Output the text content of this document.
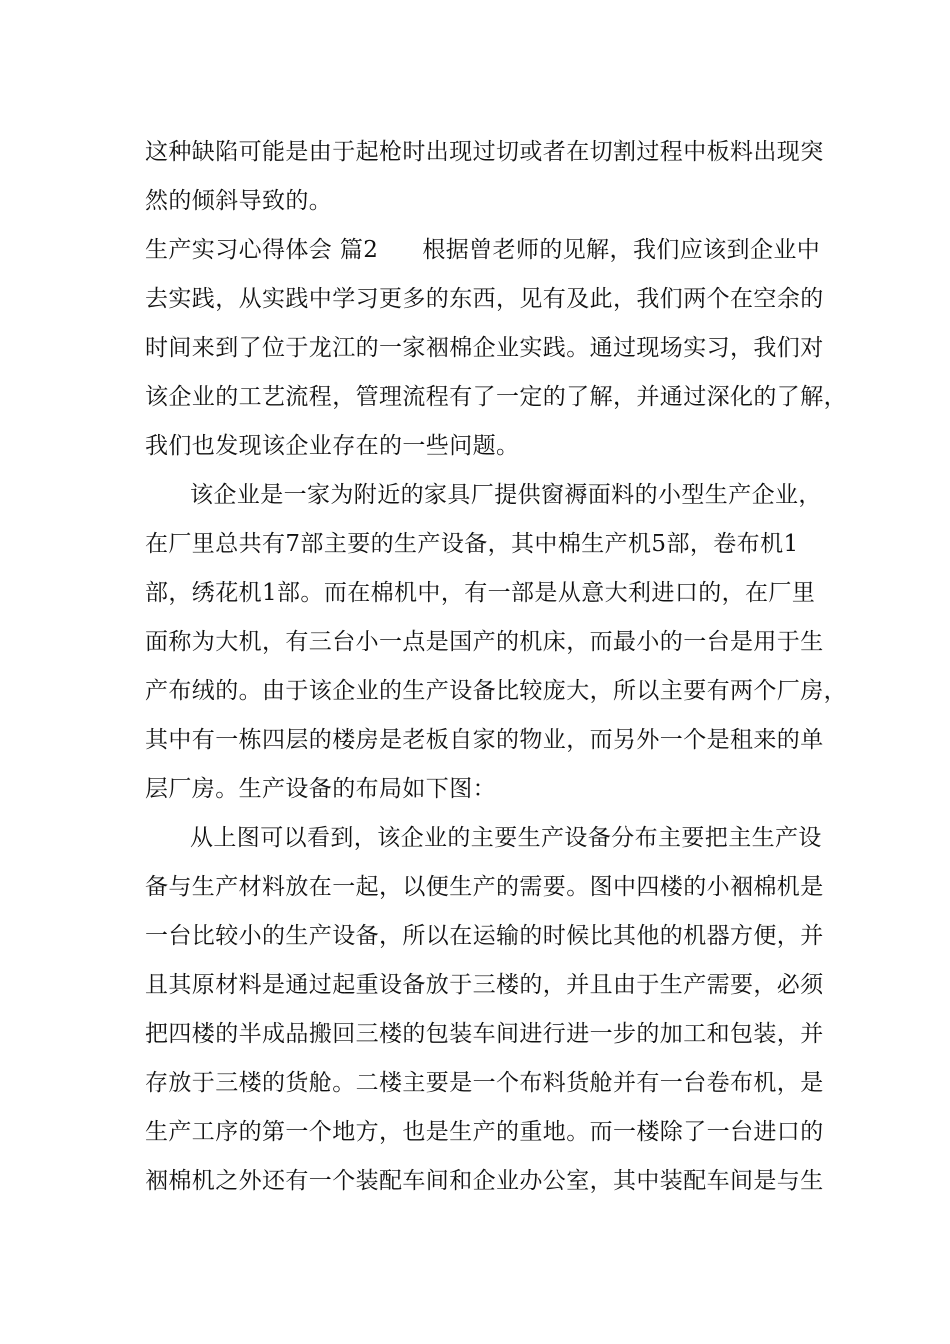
这种缺陷可能是由于起枪时出现过切或者在切割过程中板料出现突
然的倾斜导致的。
生产实习心得体会 篇2 根据曾老师的见解，我们应该到企业中
去实践，从实践中学习更多的东西，见有及此，我们两个在空余的
时间来到了位于龙江的一家裀棉企业实践。通过现场实习，我们对
该企业的工艺流程，管理流程有了一定的了解，并通过深化的了解，
我们也发现该企业存在的一些问题。
该企业是一家为附近的家具厂提供窗褥面料的小型生产企业，
在厂里总共有7部主要的生产设备，其中棉生产机5部，卷布机1
部，绣花机1部。而在棉机中，有一部是从意大利进口的，在厂里
面称为大机，有三台小一点是国产的机床，而最小的一台是用于生
产布绒的。由于该企业的生产设备比较庞大，所以主要有两个厂房，
其中有一栋四层的楼房是老板自家的物业，而另外一个是租来的单
层厂房。生产设备的布局如下图：
从上图可以看到，该企业的主要生产设备分布主要把主生产设
备与生产材料放在一起，以便生产的需要。图中四楼的小裀棉机是
一台比较小的生产设备，所以在运输的时候比其他的机器方便，并
且其原材料是通过起重设备放于三楼的，并且由于生产需要，必须
把四楼的半成品搬回三楼的包装车间进行进一步的加工和包装，并
存放于三楼的货舱。二楼主要是一个布料货舱并有一台卷布机，是
生产工序的第一个地方，也是生产的重地。而一楼除了一台进口的
裀棉机之外还有一个装配车间和企业办公室，其中装配车间是与生
